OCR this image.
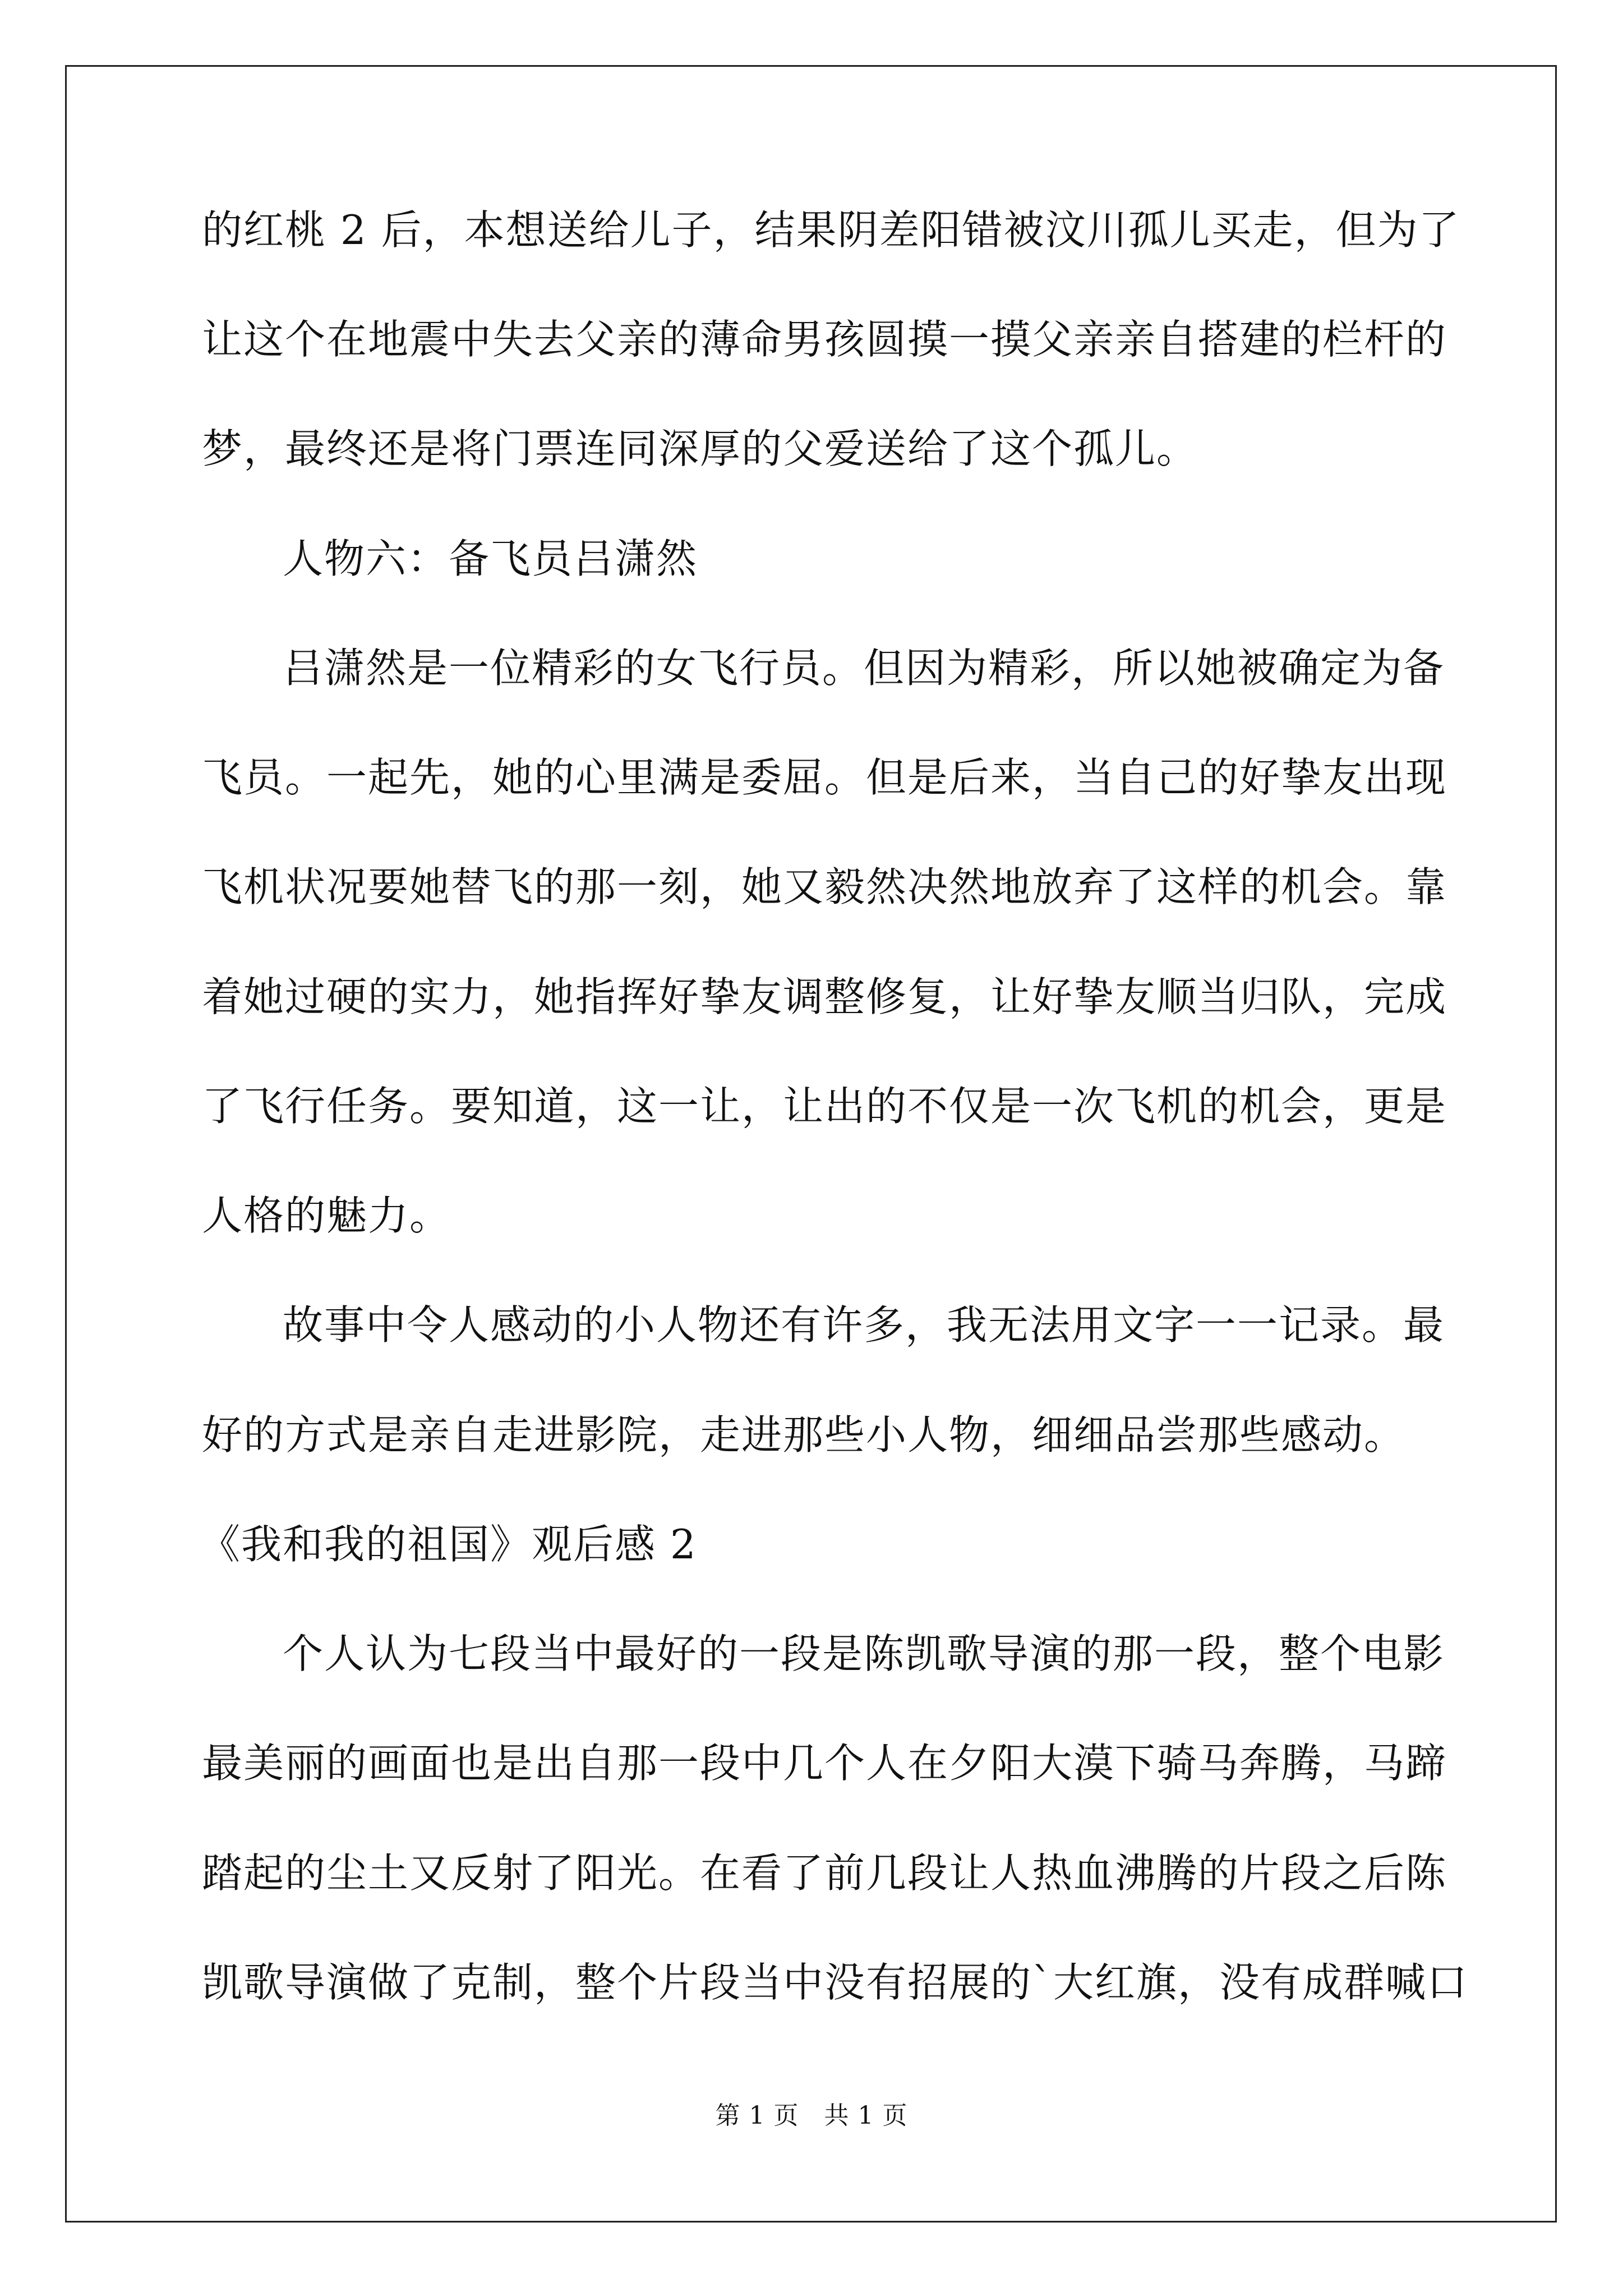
的红桃 2 后，本想送给儿子，结果阴差阳错被汶川孤儿买走，但为了
让这个在地震中失去父亲的薄命男孩圆摸一摸父亲亲自搭建的栏杆的
梦，最终还是将门票连同深厚的父爱送给了这个孤儿。
人物六：备飞员吕潇然
吕潇然是一位精彩的女飞行员。但因为精彩，所以她被确定为备
飞员。一起先，她的心里满是委屈。但是后来，当自己的好挚友出现
飞机状况要她替飞的那一刻，她又毅然决然地放弃了这样的机会。靠
着她过硬的实力，她指挥好挚友调整修复，让好挚友顺当归队，完成
了飞行任务。要知道，这一让，让出的不仅是一次飞机的机会，更是
人格的魅力。
故事中令人感动的小人物还有许多，我无法用文字一一记录。最
好的方式是亲自走进影院，走进那些小人物，细细品尝那些感动。
《我和我的祖国》观后感 2
个人认为七段当中最好的一段是陈凯歌导演的那一段，整个电影
最美丽的画面也是出自那一段中几个人在夕阳大漠下骑马奔腾，马蹄
踏起的尘土又反射了阳光。在看了前几段让人热血沸腾的片段之后陈
凯歌导演做了克制，整个片段当中没有招展的`大红旗，没有成群喊口
第 1 页　共 1 页
